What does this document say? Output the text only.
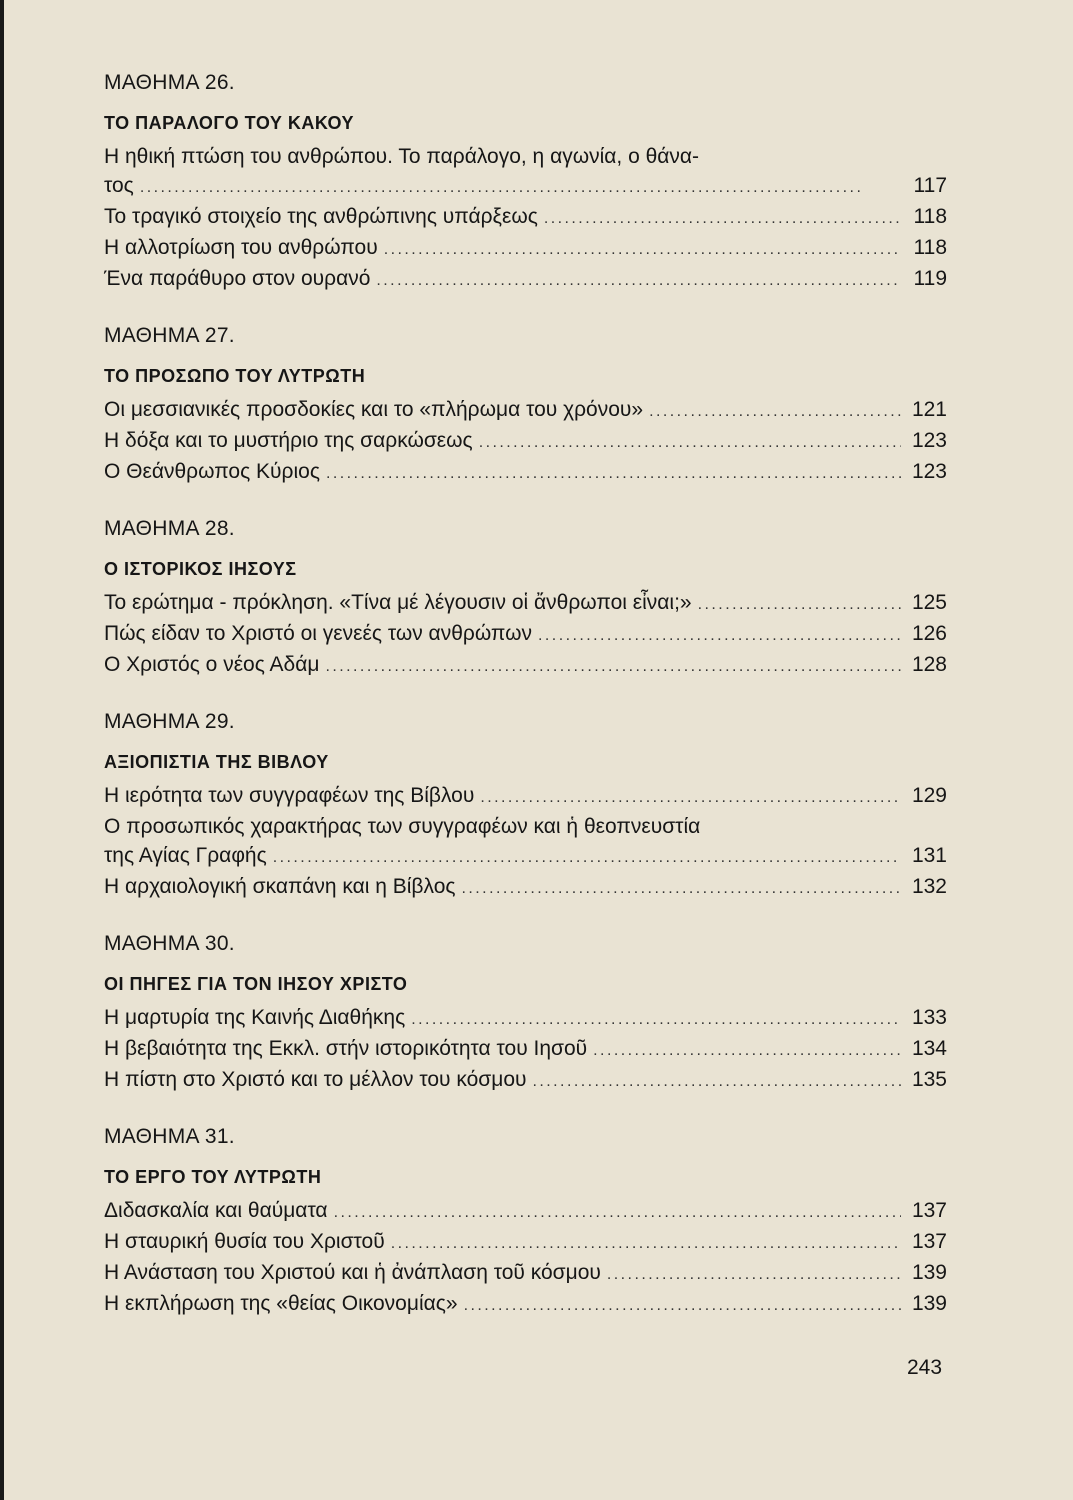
ΜΑΘΗΜΑ 26.
ΤΟ ΠΑΡΑΛΟΓΟ ΤΟΥ ΚΑΚΟΥ
Η ηθική πτώση του ανθρώπου. Το παράλογο, η αγωνία, ο θάνα-
τος . . .	117
Το τραγικό στοιχείο της ανθρώπινης υπάρξεως . . .	118
Η αλλοτρίωση του ανθρώπου . . .	118
Ένα παράθυρο στον ουρανό . . .	119
ΜΑΘΗΜΑ 27.
ΤΟ ΠΡΟΣΩΠΟ ΤΟΥ ΛΥΤΡΩΤΗ
Οι μεσσιανικές προσδοκίες και το «πλήρωμα του χρόνου» . . .	121
Η δόξα και το μυστήριο της σαρκώσεως . . .	123
Ο Θεάνθρωπος Κύριος . . .	123
ΜΑΘΗΜΑ 28.
Ο ΙΣΤΟΡΙΚΟΣ ΙΗΣΟΥΣ
Το ερώτημα - πρόκληση. «Τίνα μέ λέγουσιν οἱ ἄνθρωποι εἶναι;» . . .	125
Πώς είδαν το Χριστό οι γενεές των ανθρώπων . . .	126
Ο Χριστός ο νέος Αδάμ . . .	128
ΜΑΘΗΜΑ 29.
ΑΞΙΟΠΙΣΤΙΑ ΤΗΣ ΒΙΒΛΟΥ
Η ιερότητα των συγγραφέων της Βίβλου . . .	129
Ο προσωπικός χαρακτήρας των συγγραφέων και ἡ θεοπνευστία
της Αγίας Γραφής . . .	131
Η αρχαιολογική σκαπάνη και η Βίβλος . . .	132
ΜΑΘΗΜΑ 30.
ΟΙ ΠΗΓΕΣ ΓΙΑ ΤΟΝ ΙΗΣΟΥ ΧΡΙΣΤΟ
Η μαρτυρία της Καινής Διαθήκης . . .	133
Η βεβαιότητα της Εκκλ. στήν ιστορικότητα του Ιησοῦ . . .	134
Η πίστη στο Χριστό και το μέλλον του κόσμου . . .	135
ΜΑΘΗΜΑ 31.
ΤΟ ΕΡΓΟ ΤΟΥ ΛΥΤΡΩΤΗ
Διδασκαλία και θαύματα . . .	137
Η σταυρική θυσία του Χριστοῦ . . .	137
Η Ανάσταση του Χριστού και ἡ ἀνάπλαση τοῦ κόσμου . . .	139
Η εκπλήρωση της «θείας Οικονομίας» . . .	139
243
